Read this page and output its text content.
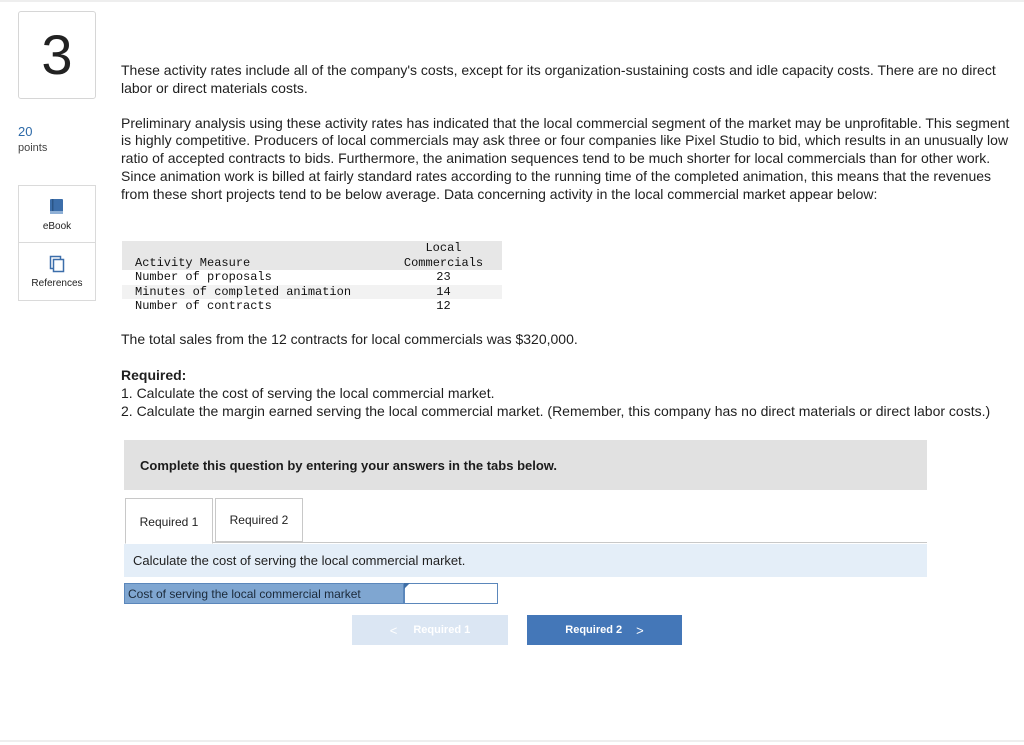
3
20
points
eBook
References

These activity rates include all of the company's costs, except for its organization-sustaining costs and idle capacity costs. There are no direct labor or direct materials costs.

Preliminary analysis using these activity rates has indicated that the local commercial segment of the market may be unprofitable. This segment is highly competitive. Producers of local commercials may ask three or four companies like Pixel Studio to bid, which results in an unusually low ratio of accepted contracts to bids. Furthermore, the animation sequences tend to be much shorter for local commercials than for other work. Since animation work is billed at fairly standard rates according to the running time of the completed animation, this means that the revenues from these short projects tend to be below average. Data concerning activity in the local commercial market appear below:

Local
Activity Measure	Commercials
Number of proposals	23
Minutes of completed animation	14
Number of contracts	12
The total sales from the 12 contracts for local commercials was $320,000.
Required:
1. Calculate the cost of serving the local commercial market.
2. Calculate the margin earned serving the local commercial market. (Remember, this company has no direct materials or direct labor costs.)
Complete this question by entering your answers in the tabs below.
Required 1	Required 2
Calculate the cost of serving the local commercial market.
Cost of serving the local commercial market
< Required 1	Required 2 >
